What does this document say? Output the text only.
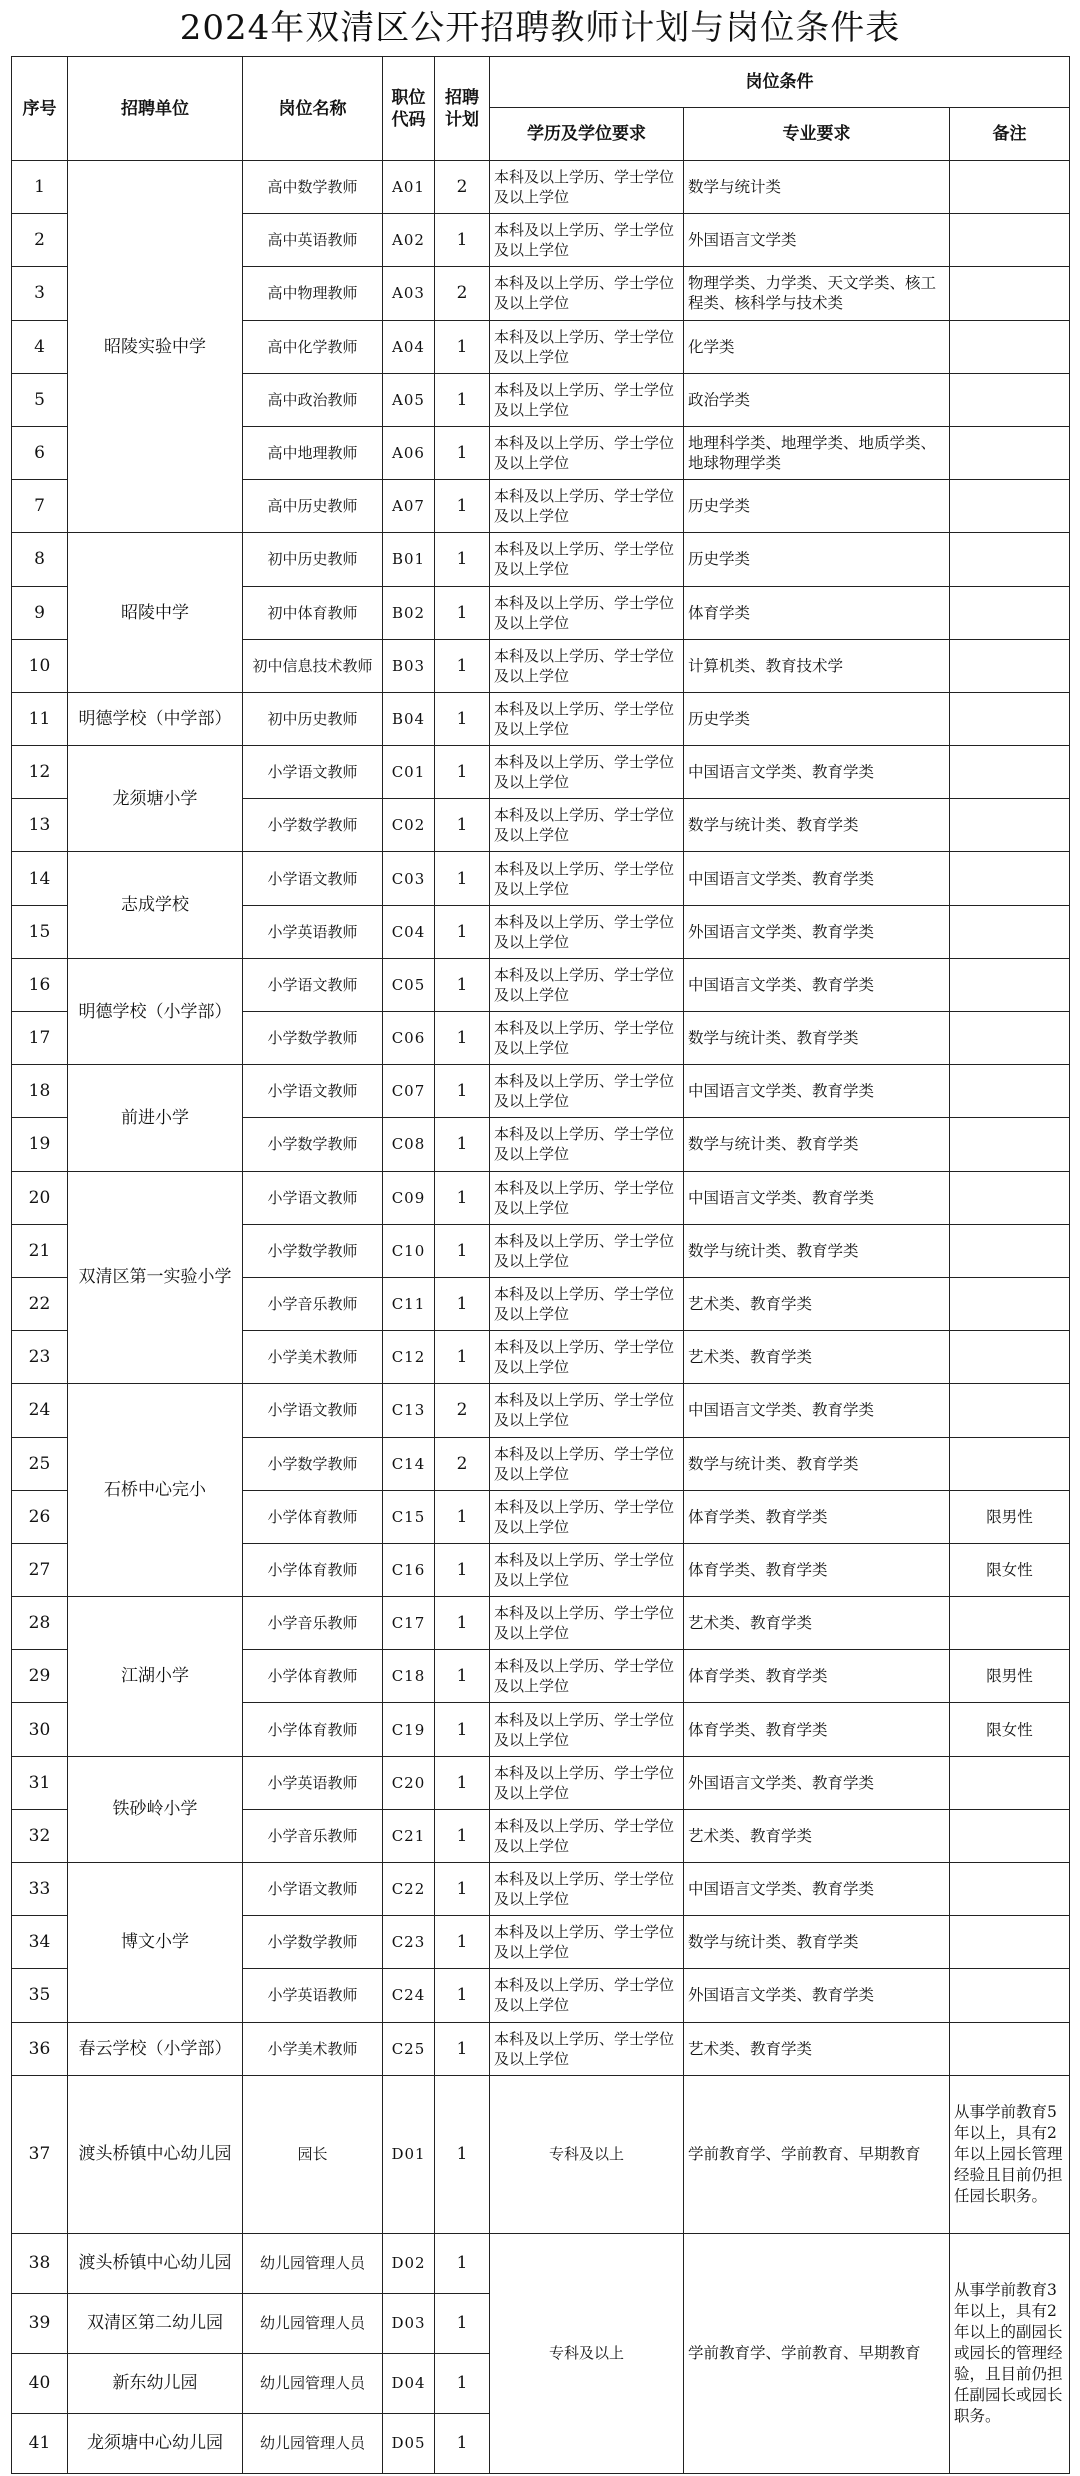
2024年双清区公开招聘教师计划与岗位条件表
序号	招聘单位	岗位名称	职位代码	招聘计划	岗位条件		
					学历及学位要求	专业要求	备注
1	昭陵实验中学	高中数学教师	A01	2	本科及以上学历、学士学位及以上学位	数学与统计类	
2		高中英语教师	A02	1	本科及以上学历、学士学位及以上学位	外国语言文学类	
3		高中物理教师	A03	2	本科及以上学历、学士学位及以上学位	物理学类、力学类、天文学类、核工程类、核科学与技术类	
4		高中化学教师	A04	1	本科及以上学历、学士学位及以上学位	化学类	
5		高中政治教师	A05	1	本科及以上学历、学士学位及以上学位	政治学类	
6		高中地理教师	A06	1	本科及以上学历、学士学位及以上学位	地理科学类、地理学类、地质学类、地球物理学类	
7		高中历史教师	A07	1	本科及以上学历、学士学位及以上学位	历史学类	
8	昭陵中学	初中历史教师	B01	1	本科及以上学历、学士学位及以上学位	历史学类	
9		初中体育教师	B02	1	本科及以上学历、学士学位及以上学位	体育学类	
10		初中信息技术教师	B03	1	本科及以上学历、学士学位及以上学位	计算机类、教育技术学	
11	明德学校（中学部）	初中历史教师	B04	1	本科及以上学历、学士学位及以上学位	历史学类	
12	龙须塘小学	小学语文教师	C01	1	本科及以上学历、学士学位及以上学位	中国语言文学类、教育学类	
13		小学数学教师	C02	1	本科及以上学历、学士学位及以上学位	数学与统计类、教育学类	
14	志成学校	小学语文教师	C03	1	本科及以上学历、学士学位及以上学位	中国语言文学类、教育学类	
15		小学英语教师	C04	1	本科及以上学历、学士学位及以上学位	外国语言文学类、教育学类	
16	明德学校（小学部）	小学语文教师	C05	1	本科及以上学历、学士学位及以上学位	中国语言文学类、教育学类	
17		小学数学教师	C06	1	本科及以上学历、学士学位及以上学位	数学与统计类、教育学类	
18	前进小学	小学语文教师	C07	1	本科及以上学历、学士学位及以上学位	中国语言文学类、教育学类	
19		小学数学教师	C08	1	本科及以上学历、学士学位及以上学位	数学与统计类、教育学类	
20	双清区第一实验小学	小学语文教师	C09	1	本科及以上学历、学士学位及以上学位	中国语言文学类、教育学类	
21		小学数学教师	C10	1	本科及以上学历、学士学位及以上学位	数学与统计类、教育学类	
22		小学音乐教师	C11	1	本科及以上学历、学士学位及以上学位	艺术类、教育学类	
23		小学美术教师	C12	1	本科及以上学历、学士学位及以上学位	艺术类、教育学类	
24	石桥中心完小	小学语文教师	C13	2	本科及以上学历、学士学位及以上学位	中国语言文学类、教育学类	
25		小学数学教师	C14	2	本科及以上学历、学士学位及以上学位	数学与统计类、教育学类	
26		小学体育教师	C15	1	本科及以上学历、学士学位及以上学位	体育学类、教育学类	限男性
27		小学体育教师	C16	1	本科及以上学历、学士学位及以上学位	体育学类、教育学类	限女性
28	江湖小学	小学音乐教师	C17	1	本科及以上学历、学士学位及以上学位	艺术类、教育学类	
29		小学体育教师	C18	1	本科及以上学历、学士学位及以上学位	体育学类、教育学类	限男性
30		小学体育教师	C19	1	本科及以上学历、学士学位及以上学位	体育学类、教育学类	限女性
31	铁砂岭小学	小学英语教师	C20	1	本科及以上学历、学士学位及以上学位	外国语言文学类、教育学类	
32		小学音乐教师	C21	1	本科及以上学历、学士学位及以上学位	艺术类、教育学类	
33	博文小学	小学语文教师	C22	1	本科及以上学历、学士学位及以上学位	中国语言文学类、教育学类	
34		小学数学教师	C23	1	本科及以上学历、学士学位及以上学位	数学与统计类、教育学类	
35		小学英语教师	C24	1	本科及以上学历、学士学位及以上学位	外国语言文学类、教育学类	
36	春云学校（小学部）	小学美术教师	C25	1	本科及以上学历、学士学位及以上学位	艺术类、教育学类	
37	渡头桥镇中心幼儿园	园长	D01	1	专科及以上	学前教育学、学前教育、早期教育	从事学前教育5年以上，具有2年以上园长管理经验且目前仍担任园长职务。
38	渡头桥镇中心幼儿园	幼儿园管理人员	D02	1	专科及以上	学前教育学、学前教育、早期教育	从事学前教育3年以上，具有2年以上的副园长或园长的管理经验，且目前仍担任副园长或园长职务。
39	双清区第二幼儿园	幼儿园管理人员	D03	1			
40	新东幼儿园	幼儿园管理人员	D04	1			
41	龙须塘中心幼儿园	幼儿园管理人员	D05	1			
